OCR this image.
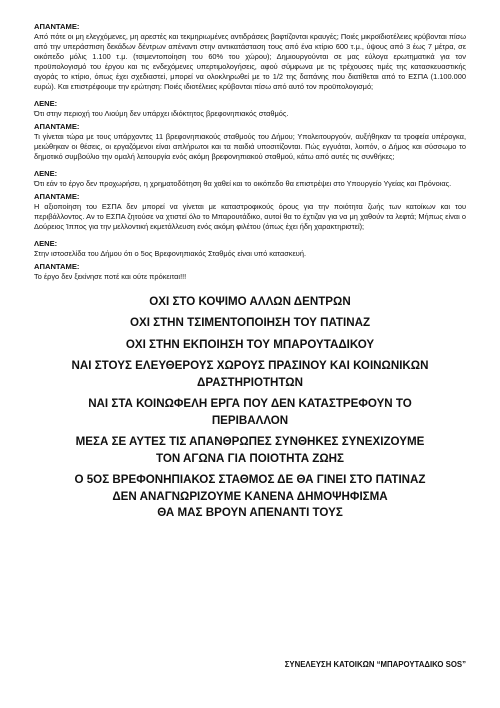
ΑΠΑΝΤΑΜΕ:

Από πότε οι μη ελεγχόμενες, μη αρεστές και τεκμηριωμένες αντιδράσεις βαφτίζονται κραυγές; Ποιές μικροϊδιοτέλειες κρύβονται πίσω από την υπεράσπιση δεκάδων δέντρων απέναντι στην αντικατάσταση τους από ένα κτίριο 600 τ.μ., ύψους από 3 έως 7 μέτρα, σε οικόπεδο μόλις 1.100 τ.μ. (τσιμεντοποίηση του 60% του χώρου); Δημιουργούνται σε μας εύλογα ερωτηματικά για τον προϋπολογισμό του έργου και τις ενδεχόμενες υπερτιμολογήσεις, αφού σύμφωνα με τις τρέχουσες τιμές της κατασκευαστικής αγοράς το κτίριο, όπως έχει σχεδιαστεί, μπορεί να ολοκληρωθεί με το 1/2 της δαπάνης που διατίθεται από το ΕΣΠΑ (1.100.000 ευρώ). Και επιστρέφουμε την ερώτηση: Ποιές ιδιοτέλειες κρύβονται πίσω από αυτό τον προϋπολογισμό;

ΛΕΝΕ:

Ότι στην περιοχή του Λιούμη δεν υπάρχει ιδιόκτητος βρεφονηπιακός σταθμός.

ΑΠΑΝΤΑΜΕ:

Τι γίνεται τώρα με τους υπάρχοντες 11 βρεφονηπιακούς σταθμούς του Δήμου; Υπολειτουργούν, αυξήθηκαν τα τροφεία υπέρογκα, μειώθηκαν οι θέσεις, οι εργαζόμενοι είναι απλήρωτοι και τα παιδιά υποσιτίζονται. Πώς εγγυάται, λοιπόν, ο Δήμος και σύσσωμο το δημοτικό συμβούλιο την ομαλή λειτουργία ενός ακόμη βρεφονηπιακού σταθμού, κάτω από αυτές τις συνθήκες;

ΛΕΝΕ:

Ότι εάν το έργο δεν προχωρήσει, η χρηματοδότηση θα χαθεί και το οικόπεδο θα επιστρέψει στο Υπουργείο Υγείας και Πρόνοιας.

ΑΠΑΝΤΑΜΕ:

Η αξιοποίηση του ΕΣΠΑ δεν μπορεί να γίνεται με καταστροφικούς όρους για την ποιότητα ζωής των κατοίκων και του περιβάλλοντος. Αν το ΕΣΠΑ ζητούσε να χτιστεί όλο το Μπαρουτάδικο, αυτοί θα το έχτιζαν για να μη χαθούν τα λεφτά; Μήπως είναι ο Δούρειος Ίππος για την μελλοντική εκμετάλλευση ενός ακόμη φιλέτου (όπως έχει ήδη χαρακτηριστεί);

ΛΕΝΕ:

Στην ιστοσελίδα του Δήμου ότι ο 5ος Βρεφονηπιακός Σταθμός είναι υπό κατασκευή.

ΑΠΑΝΤΑΜΕ:

Το έργο δεν ξεκίνησε ποτέ και ούτε πρόκειται!!!

ΟΧΙ ΣΤΟ ΚΟΨΙΜΟ ΑΛΛΩΝ ΔΕΝΤΡΩΝ
ΟΧΙ ΣΤΗΝ ΤΣΙΜΕΝΤΟΠΟΙΗΣΗ ΤΟΥ ΠΑΤΙΝΑΖ
ΟΧΙ ΣΤΗΝ ΕΚΠΟΙΗΣΗ ΤΟΥ ΜΠΑΡΟΥΤΑΔΙΚΟΥ
ΝΑΙ ΣΤΟΥΣ ΕΛΕΥΘΕΡΟΥΣ ΧΩΡΟΥΣ ΠΡΑΣΙΝΟΥ ΚΑΙ ΚΟΙΝΩΝΙΚΩΝ
ΔΡΑΣΤΗΡΙΟΤΗΤΩΝ
ΝΑΙ ΣΤΑ ΚΟΙΝΩΦΕΛΗ ΕΡΓΑ ΠΟΥ ΔΕΝ ΚΑΤΑΣΤΡΕΦΟΥΝ ΤΟ
ΠΕΡΙΒΑΛΛΟΝ
ΜΕΣΑ ΣΕ ΑΥΤΕΣ ΤΙΣ ΑΠΑΝΘΡΩΠΕΣ ΣΥΝΘΗΚΕΣ ΣΥΝΕΧΙΖΟΥΜΕ
ΤΟΝ ΑΓΩΝΑ ΓΙΑ ΠΟΙΟΤΗΤΑ ΖΩΗΣ
Ο 5ΟΣ ΒΡΕΦΟΝΗΠΙΑΚΟΣ ΣΤΑΘΜΟΣ ΔΕ ΘΑ ΓΙΝΕΙ ΣΤΟ ΠΑΤΙΝΑΖ
ΔΕΝ ΑΝΑΓΝΩΡΙΖΟΥΜΕ ΚΑΝΕΝΑ ΔΗΜΟΨΗΦΙΣΜΑ
ΘΑ ΜΑΣ ΒΡΟΥΝ ΑΠΕΝΑΝΤΙ ΤΟΥΣ
ΣΥΝΕΛΕΥΣΗ ΚΑΤΟΙΚΩΝ “ΜΠΑΡΟΥΤΑΔΙΚΟ SOS”
